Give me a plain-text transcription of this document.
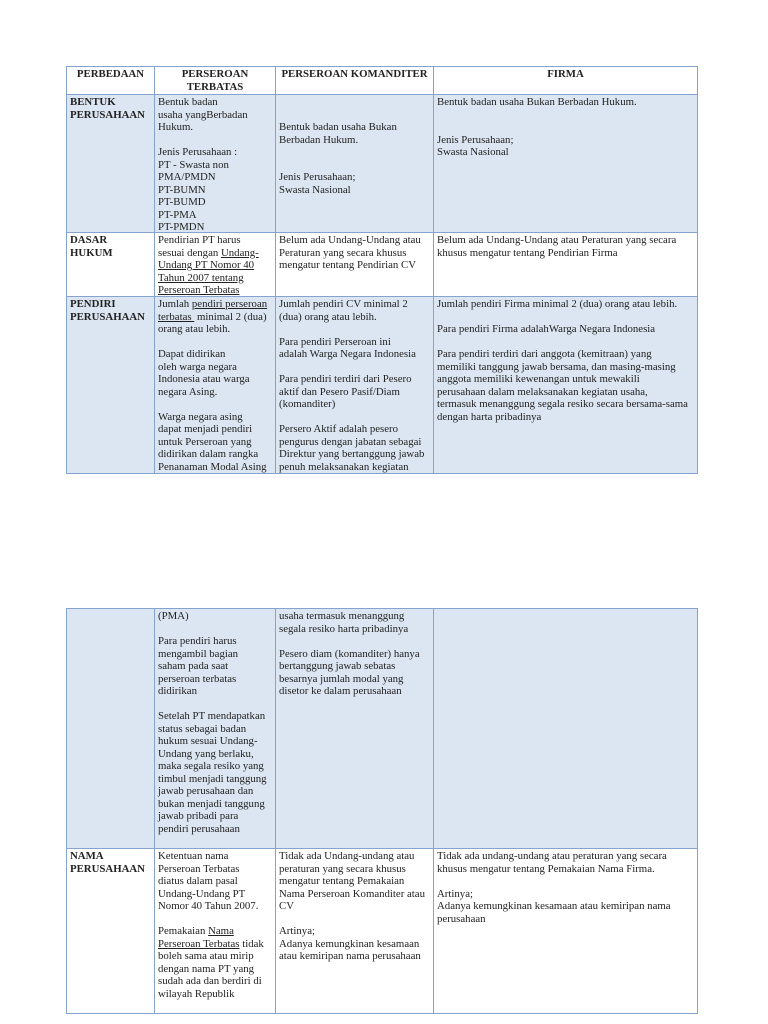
PERBEDAAN	PERSEROAN
TERBATAS
PERSEROAN KOMANDITER	FIRMA
BENTUK
PERUSAHAAN
Bentuk badan
usaha yangBerbadan
Hukum.
Jenis Perusahaan :
PT - Swasta non
PMA/PMDN
PT-BUMN
PT-BUMD
PT-PMA
PT-PMDN
Bentuk badan usaha Bukan
Berbadan Hukum.
Jenis Perusahaan;
Swasta Nasional
Bentuk badan usaha Bukan Berbadan Hukum.
Jenis Perusahaan;
Swasta Nasional
DASAR
HUKUM
Pendirian PT harus
sesuai dengan Undang-
Undang PT Nomor 40
Tahun 2007 tentang
Perseroan Terbatas
Belum ada Undang-Undang atau
Peraturan yang secara khusus
mengatur tentang Pendirian CV
Belum ada Undang-Undang atau Peraturan yang secara
khusus mengatur tentang Pendirian Firma
PENDIRI
PERUSAHAAN
Jumlah pendiri perseroan
terbatas  minimal 2 (dua)
orang atau lebih.
Dapat didirikan
oleh warga negara
Indonesia atau warga
negara Asing.
Warga negara asing
dapat menjadi pendiri
untuk Perseroan yang
didirikan dalam rangka
Penanaman Modal Asing
Jumlah pendiri CV minimal 2
(dua) orang atau lebih.
Para pendiri Perseroan ini
adalah Warga Negara Indonesia
Para pendiri terdiri dari Pesero
aktif dan Pesero Pasif/Diam
(komanditer)
Persero Aktif adalah pesero
pengurus dengan jabatan sebagai
Direktur yang bertanggung jawab
penuh melaksanakan kegiatan
Jumlah pendiri Firma minimal 2 (dua) orang atau lebih.
Para pendiri Firma adalahWarga Negara Indonesia
Para pendiri terdiri dari anggota (kemitraan) yang
memiliki tanggung jawab bersama, dan masing-masing
anggota memiliki kewenangan untuk mewakili
perusahaan dalam melaksanakan kegiatan usaha,
termasuk menanggung segala resiko secara bersama-sama
dengan harta pribadinya
(PMA)
Para pendiri harus
mengambil bagian
saham pada saat
perseroan terbatas
didirikan
Setelah PT mendapatkan
status sebagai badan
hukum sesuai Undang-
Undang yang berlaku,
maka segala resiko yang
timbul menjadi tanggung
jawab perusahaan dan
bukan menjadi tanggung
jawab pribadi para
pendiri perusahaan
usaha termasuk menanggung
segala resiko harta pribadinya
Pesero diam (komanditer) hanya
bertanggung jawab sebatas
besarnya jumlah modal yang
disetor ke dalam perusahaan
NAMA
PERUSAHAAN
Ketentuan nama
Perseroan Terbatas
diatus dalam pasal
Undang-Undang PT
Nomor 40 Tahun 2007.
Pemakaian Nama
Perseroan Terbatas tidak
boleh sama atau mirip
dengan nama PT yang
sudah ada dan berdiri di
wilayah Republik
Tidak ada Undang-undang atau
peraturan yang secara khusus
mengatur tentang Pemakaian
Nama Perseroan Komanditer atau
CV
Artinya;
Adanya kemungkinan kesamaan
atau kemiripan nama perusahaan
Tidak ada undang-undang atau peraturan yang secara
khusus mengatur tentang Pemakaian Nama Firma.
Artinya;
Adanya kemungkinan kesamaan atau kemiripan nama
perusahaan
